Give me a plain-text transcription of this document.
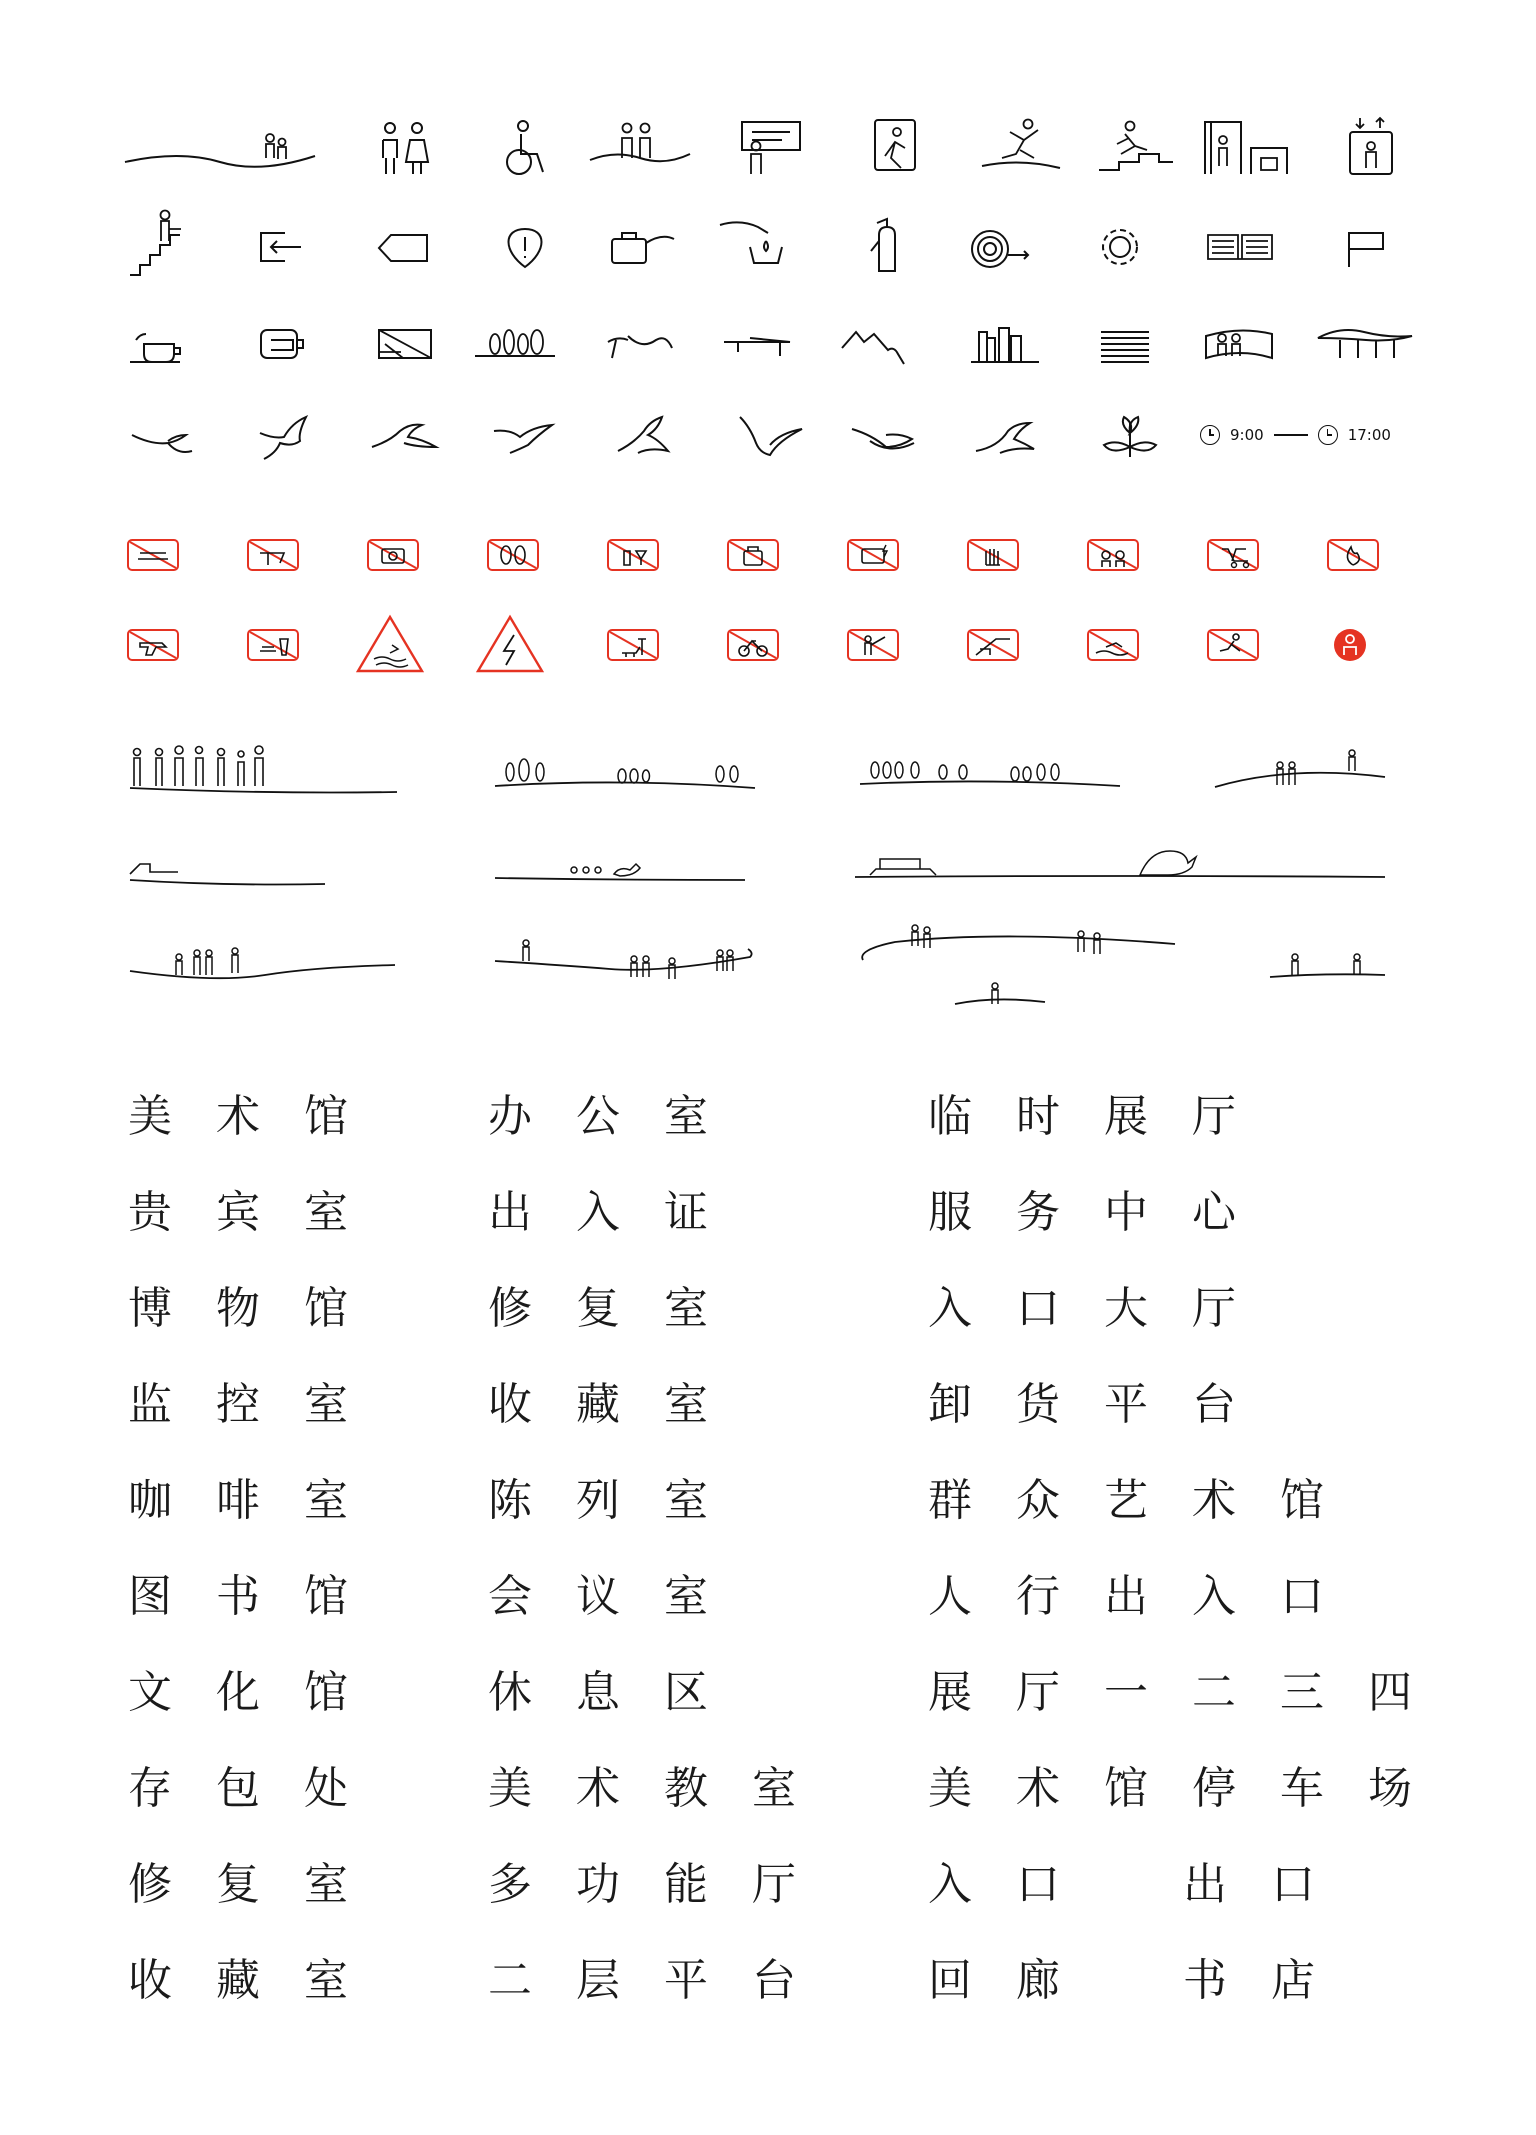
9:00	17:00
美术馆
贵宾室
博物馆
监控室
咖啡室
图书馆
文化馆
存包处
修复室
收藏室
办公室
出入证
修复室
收藏室
陈列室
会议室
休息区
美术教室
多功能厅
二层平台
临时展厅
服务中心
入口大厅
卸货平台
群众艺术馆
人行出入口
展厅一二三四
美术馆停车场
入口 出口
回廊 书店
